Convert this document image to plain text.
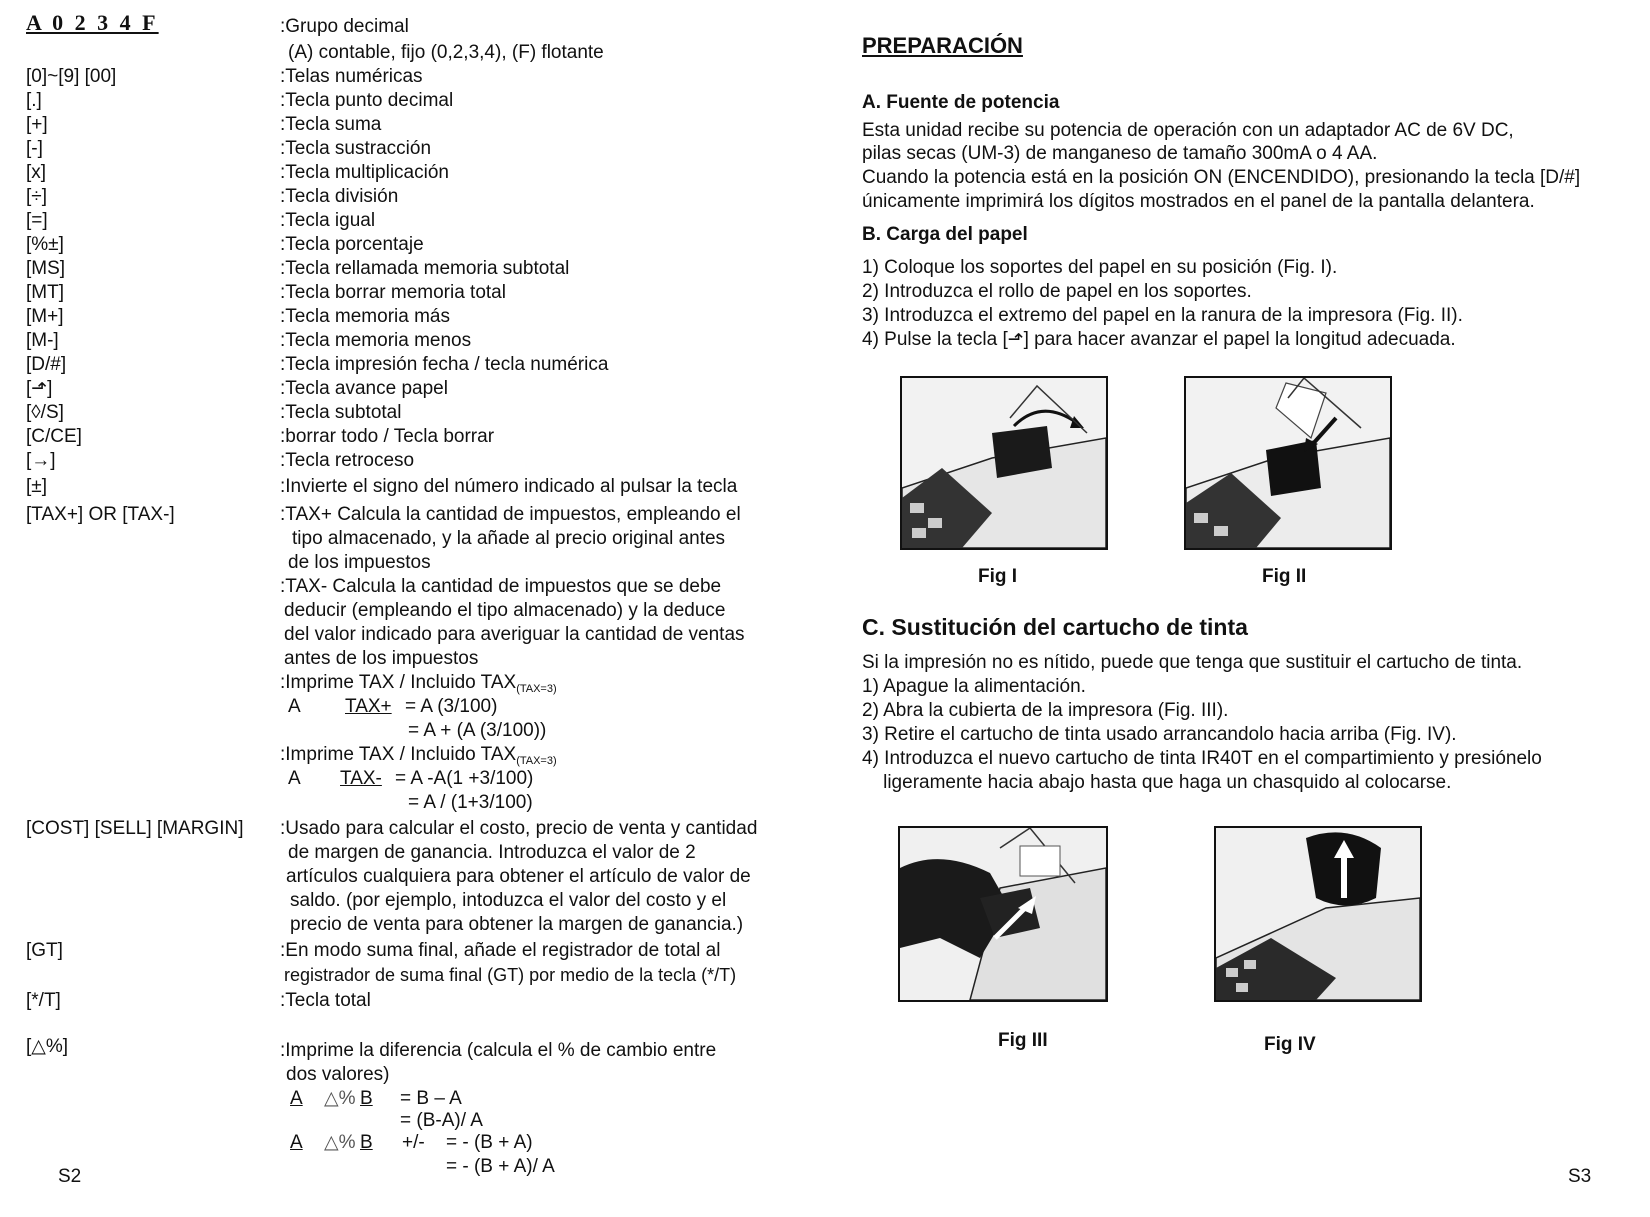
A 0 2 3 4 F	:Grupo decimal
(A) contable, fijo (0,2,3,4), (F) flotante
[0]~[9] [00]	:Telas numéricas
[.]	:Tecla punto decimal
[+]	:Tecla suma
[-]	:Tecla sustracción
[x]	:Tecla multiplicación
[÷]	:Tecla división
[=]	:Tecla igual
[%±]	:Tecla porcentaje
[MS]	:Tecla rellamada memoria subtotal
[MT]	:Tecla borrar memoria total
[M+]	:Tecla memoria más
[M-]	:Tecla memoria menos
[D/#]	:Tecla impresión fecha / tecla numérica
[⬏]	:Tecla avance papel
[◊/S]	:Tecla subtotal
[C/CE]	:borrar todo / Tecla borrar
[→]	:Tecla retroceso
[±]	:Invierte el signo del número indicado al pulsar la tecla
[TAX+] OR [TAX-]	:TAX+ Calcula la cantidad de impuestos, empleando el
tipo almacenado, y la añade al precio original antes
de los impuestos
:TAX- Calcula la cantidad de impuestos que se debe
deducir (empleando el tipo almacenado) y la deduce
del valor indicado para averiguar la cantidad de ventas
antes de los impuestos
:Imprime TAX / Incluido $TAX_{(TAX=3)}$
A TAX+ = A (3/100)
= A + (A (3/100))
:Imprime TAX / Incluido $TAX_{(TAX=3)}$
A TAX- = A -A(1 +3/100)
= A / (1+3/100)
[COST] [SELL] [MARGIN] :Usado para calcular el costo, precio de venta y cantidad
de margen de ganancia. Introduzca el valor de 2
artículos cualquiera para obtener el artículo de valor de
saldo. (por ejemplo, intoduzca el valor del costo y el
precio de venta para obtener la margen de ganancia.)
[GT]	:En modo suma final, añade el registrador de total al
registrador de suma final (GT) por medio de la tecla (*/T)
[*/T]	:Tecla total
[△%]	:Imprime la diferencia (calcula el % de cambio entre
dos valores)
A △% B = B – A
= (B-A)/ A
A △% B +/- = - (B + A)
= - (B + A)/ A
S2
PREPARACIÓN
A. Fuente de potencia
Esta unidad recibe su potencia de operación con un adaptador AC de 6V DC,
pilas secas (UM-3) de manganeso de tamaño 300mA o 4 AA.
Cuando la potencia está en la posición ON (ENCENDIDO), presionando la tecla [D/#]
únicamente imprimirá los dígitos mostrados en el panel de la pantalla delantera.
B. Carga del papel
1) Coloque los soportes del papel en su posición (Fig. I).
2) Introduzca el rollo de papel en los soportes.
3) Introduzca el extremo del papel en la ranura de la impresora (Fig. II).
4) Pulse la tecla [⬏] para hacer avanzar el papel la longitud adecuada.
Fig I	Fig II
C. Sustitución del cartucho de tinta
Si la impresión no es nítido, puede que tenga que sustituir el cartucho de tinta.
1) Apague la alimentación.
2) Abra la cubierta de la impresora (Fig. III).
3) Retire el cartucho de tinta usado arrancandolo hacia arriba (Fig. IV).
4) Introduzca el nuevo cartucho de tinta IR40T en el compartimiento y presiónelo
ligeramente hacia abajo hasta que haga un chasquido al colocarse.
Fig III	Fig IV
S3
